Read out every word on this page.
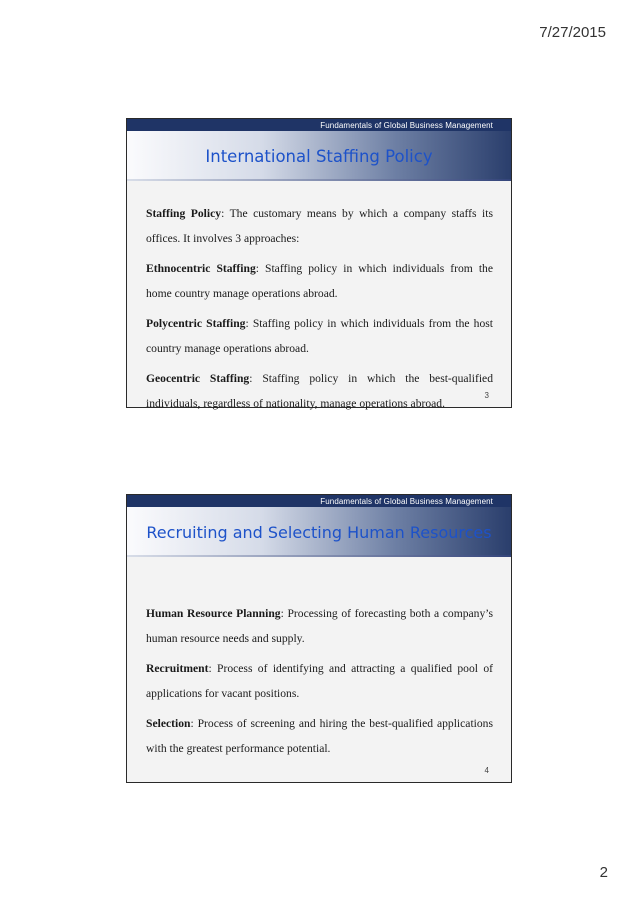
7/27/2015
Fundamentals of Global Business Management
International Staffing Policy

Staffing Policy: The customary means by which a company staffs its offices. It involves 3 approaches:

Ethnocentric Staffing: Staffing policy in which individuals from the home country manage operations abroad.

Polycentric Staffing: Staffing policy in which individuals from the host country manage operations abroad.

Geocentric Staffing: Staffing policy in which the best-qualified individuals, regardless of nationality, manage operations abroad.

3
Fundamentals of Global Business Management
Recruiting and Selecting Human Resources

Human Resource Planning: Processing of forecasting both a company’s human resource needs and supply.

Recruitment: Process of identifying and attracting a qualified pool of applications for vacant positions.

Selection: Process of screening and hiring the best-qualified applications with the greatest performance potential.

4
2
